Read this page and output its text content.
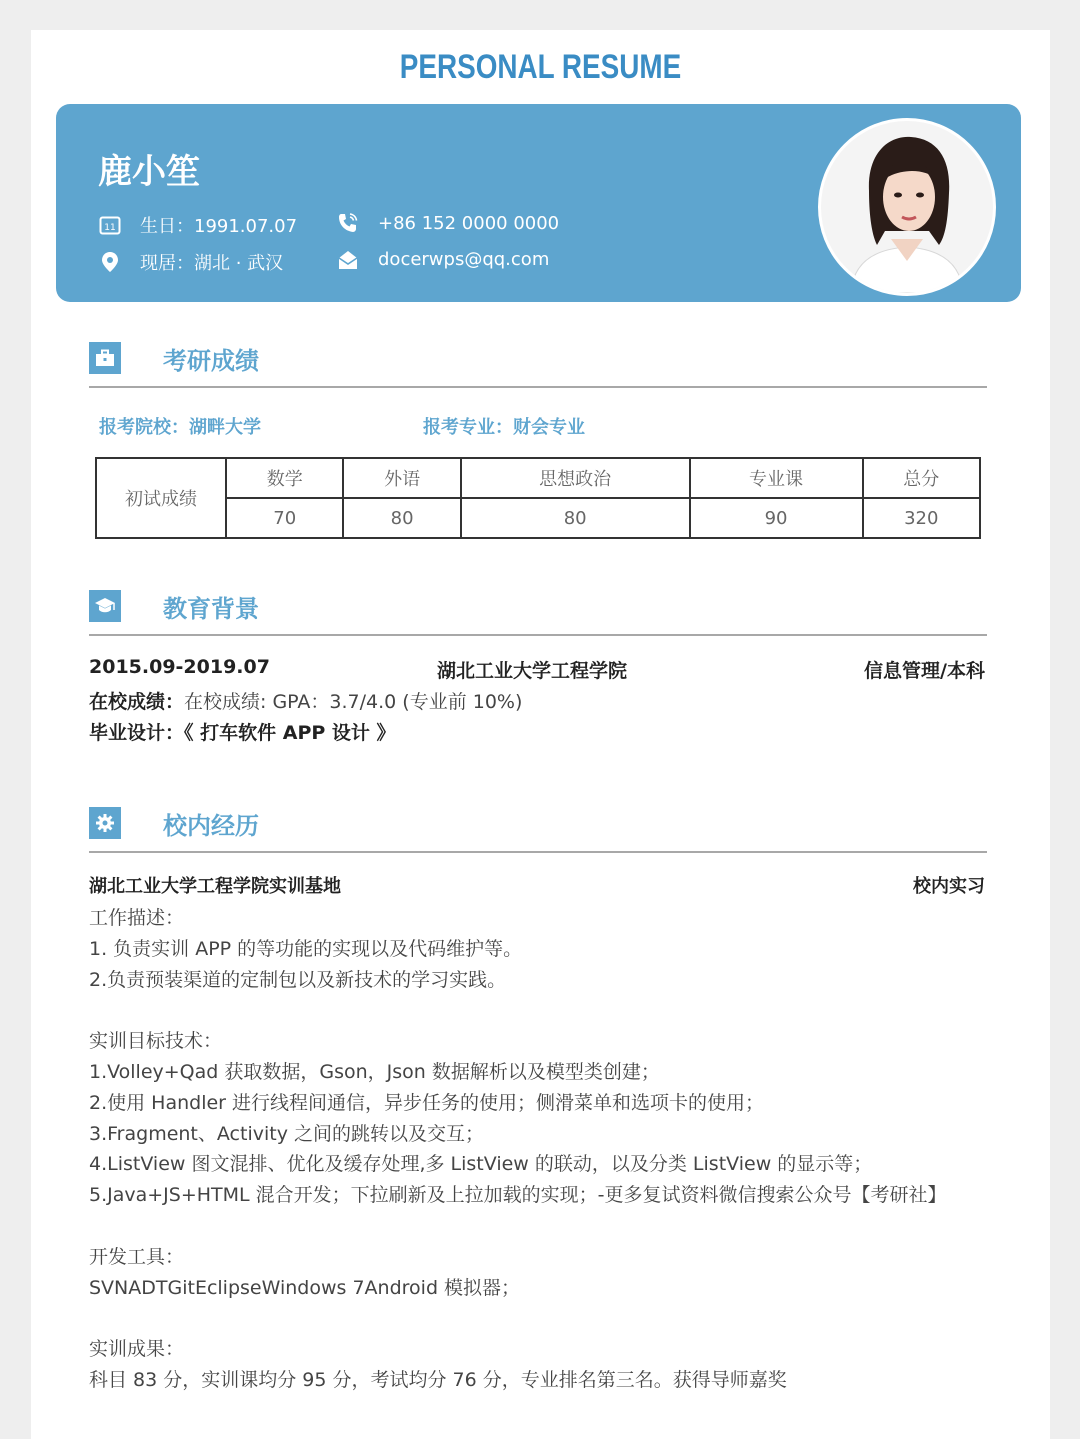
PERSONAL RESUME
鹿小笙
11 生日：1991.07.07
现居：湖北 · 武汉
+86 152 0000 0000
docerwps@qq.com
考研成绩
报考院校：湖畔大学	报考专业：财会专业
初试成绩	数学	外语	思想政治	专业课	总分
	70	80	80	90	320
教育背景
2015.09-2019.07	湖北工业大学工程学院	信息管理/本科
在校成绩：在校成绩: GPA：3.7/4.0 (专业前 10%)
毕业设计：《 打车软件 APP 设计 》
校内经历
湖北工业大学工程学院实训基地	校内实习
工作描述：
1. 负责实训 APP 的等功能的实现以及代码维护等。
2.负责预装渠道的定制包以及新技术的学习实践。
实训目标技术：
1.Volley+Qad 获取数据，Gson，Json 数据解析以及模型类创建；
2.使用 Handler 进行线程间通信，异步任务的使用；侧滑菜单和选项卡的使用；
3.Fragment、Activity 之间的跳转以及交互；
4.ListView 图文混排、优化及缓存处理,多 ListView 的联动，以及分类 ListView 的显示等；
5.Java+JS+HTML 混合开发；下拉刷新及上拉加载的实现；-更多复试资料微信搜索公众号【考研社】
开发工具：
SVNADTGitEclipseWindows 7Android 模拟器；
实训成果：
科目 83 分，实训课均分 95 分，考试均分 76 分，专业排名第三名。获得导师嘉奖
